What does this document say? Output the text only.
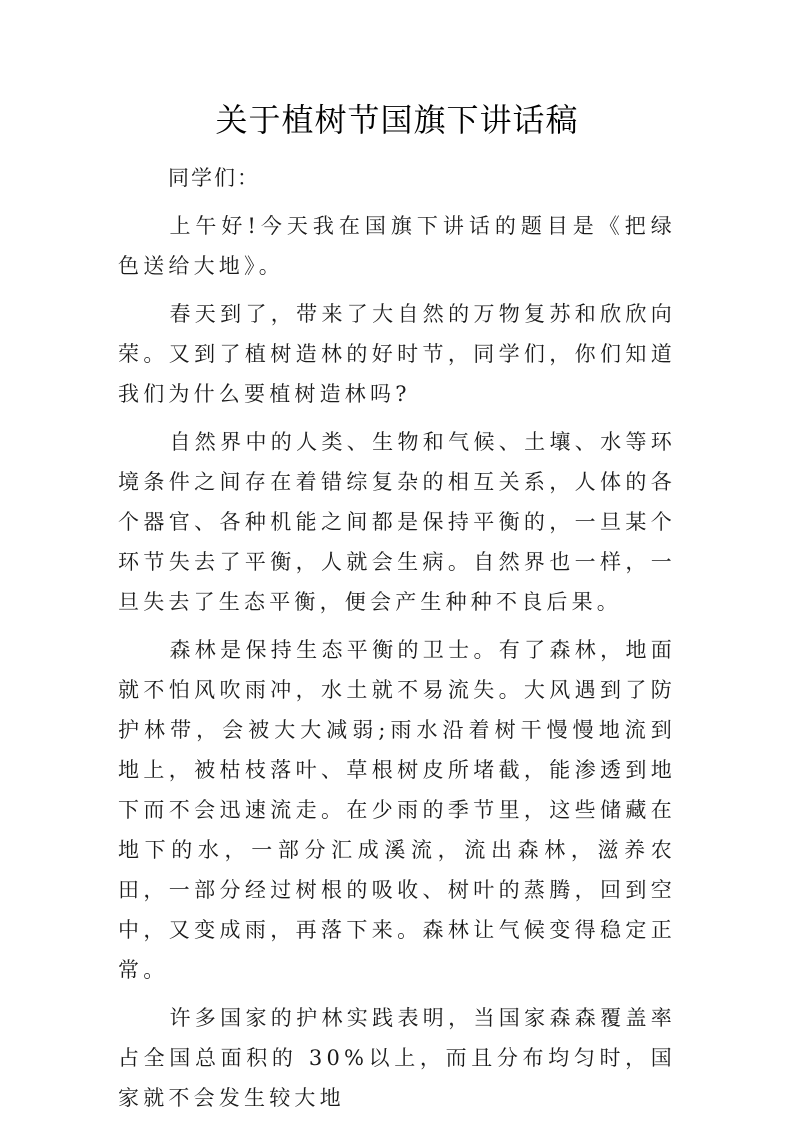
关于植树节国旗下讲话稿

同学们：

上午好!今天我在国旗下讲话的题目是《把绿色送给大地》。

春天到了，带来了大自然的万物复苏和欣欣向荣。又到了植树造林的好时节，同学们，你们知道我们为什么要植树造林吗?

自然界中的人类、生物和气候、土壤、水等环境条件之间存在着错综复杂的相互关系，人体的各个器官、各种机能之间都是保持平衡的，一旦某个环节失去了平衡，人就会生病。自然界也一样，一旦失去了生态平衡，便会产生种种不良后果。

森林是保持生态平衡的卫士。有了森林，地面就不怕风吹雨冲，水土就不易流失。大风遇到了防护林带，会被大大减弱;雨水沿着树干慢慢地流到地上，被枯枝落叶、草根树皮所堵截，能渗透到地下而不会迅速流走。在少雨的季节里，这些储藏在地下的水，一部分汇成溪流，流出森林，滋养农田，一部分经过树根的吸收、树叶的蒸腾，回到空中，又变成雨，再落下来。森林让气候变得稳定正常。

许多国家的护林实践表明，当国家森森覆盖率占全国总面积的 30%以上，而且分布均匀时，国家就不会发生较大地
